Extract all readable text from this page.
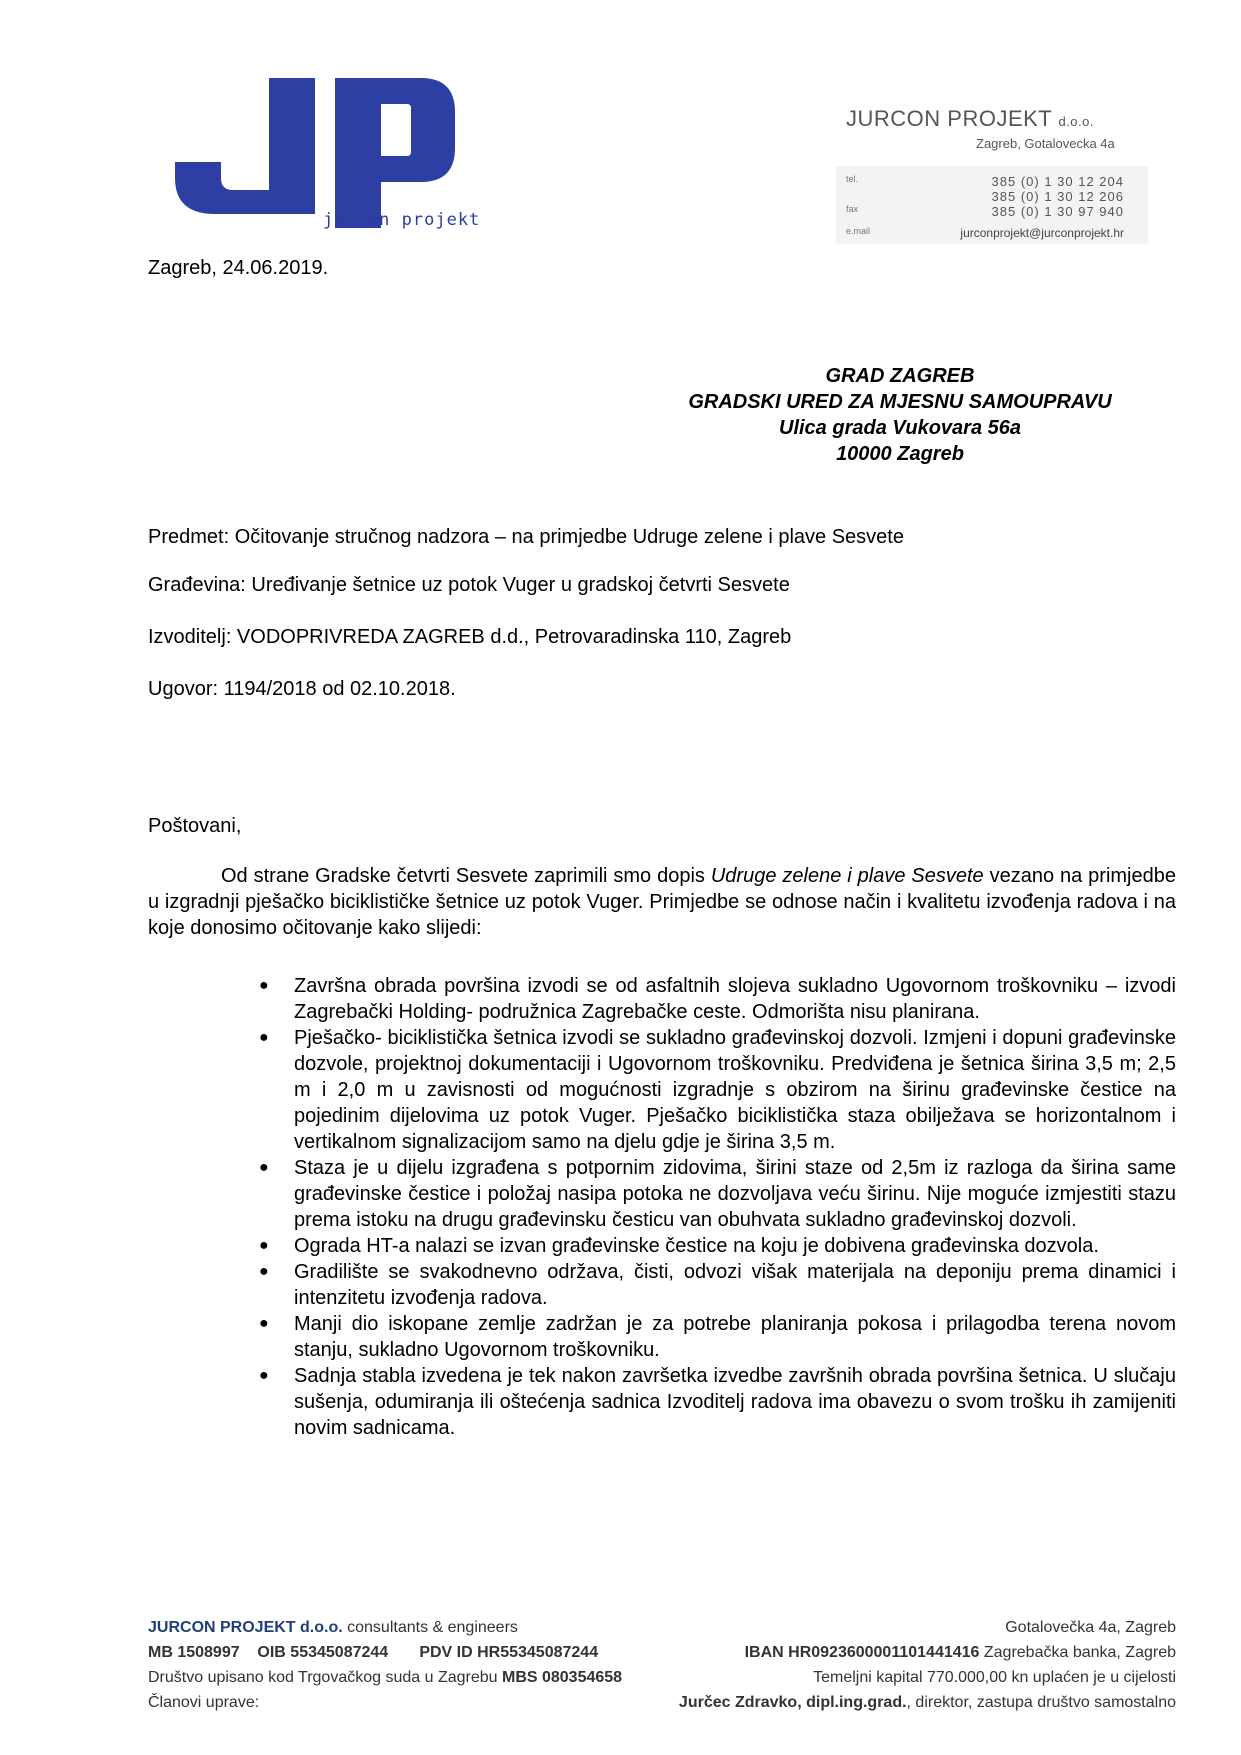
jurcon projekt
JURCON PROJEKT d.o.o.
Zagreb, Gotalovecka 4a
tel.	385 (0) 1 30 12 204
385 (0) 1 30 12 206
fax	385 (0) 1 30 97 940
e.mail	jurconprojekt@jurconprojekt.hr
Zagreb, 24.06.2019.
GRAD ZAGREB
GRADSKI URED ZA MJESNU SAMOUPRAVU
Ulica grada Vukovara 56a
10000 Zagreb
Predmet: Očitovanje stručnog nadzora – na primjedbe Udruge zelene i plave Sesvete
Građevina: Uređivanje šetnice uz potok Vuger u gradskoj četvrti Sesvete
Izvoditelj: VODOPRIVREDA ZAGREB d.d., Petrovaradinska 110, Zagreb
Ugovor: 1194/2018 od 02.10.2018.
Poštovani,
Od strane Gradske četvrti Sesvete zaprimili smo dopis Udruge zelene i plave Sesvete vezano na primjedbe u izgradnji pješačko biciklističke šetnice uz potok Vuger. Primjedbe se odnose način i kvalitetu izvođenja radova i na koje donosimo očitovanje kako slijedi:
● Završna obrada površina izvodi se od asfaltnih slojeva sukladno Ugovornom troškovniku – izvodi Zagrebački Holding- podružnica Zagrebačke ceste. Odmorišta nisu planirana.
● Pješačko- biciklistička šetnica izvodi se sukladno građevinskoj dozvoli. Izmjeni i dopuni građevinske dozvole, projektnoj dokumentaciji i Ugovornom troškovniku. Predviđena je šetnica širina 3,5 m; 2,5 m i 2,0 m u zavisnosti od mogućnosti izgradnje s obzirom na širinu građevinske čestice na pojedinim dijelovima uz potok Vuger. Pješačko biciklistička staza obilježava se horizontalnom i vertikalnom signalizacijom samo na djelu gdje je širina 3,5 m.
● Staza je u dijelu izgrađena s potpornim zidovima, širini staze od 2,5m iz razloga da širina same građevinske čestice i položaj nasipa potoka ne dozvoljava veću širinu. Nije moguće izmjestiti stazu prema istoku na drugu građevinsku česticu van obuhvata sukladno građevinskoj dozvoli.
● Ograda HT-a nalazi se izvan građevinske čestice na koju je dobivena građevinska dozvola.
● Gradilište se svakodnevno održava, čisti, odvozi višak materijala na deponiju prema dinamici i intenzitetu izvođenja radova.
● Manji dio iskopane zemlje zadržan je za potrebe planiranja pokosa i prilagodba terena novom stanju, sukladno Ugovornom troškovniku.
● Sadnja stabla izvedena je tek nakon završetka izvedbe završnih obrada površina šetnica. U slučaju sušenja, odumiranja ili oštećenja sadnica Izvoditelj radova ima obavezu o svom trošku ih zamijeniti novim sadnicama.
JURCON PROJEKT d.o.o. consultants & engineers	Gotalovečka 4a, Zagreb
MB 1508997 OIB 55345087244 PDV ID HR55345087244	IBAN HR0923600001101441416 Zagrebačka banka, Zagreb
Društvo upisano kod Trgovačkog suda u Zagrebu MBS 080354658	Temeljni kapital 770.000,00 kn uplaćen je u cijelosti
Članovi uprave:	Jurčec Zdravko, dipl.ing.grad., direktor, zastupa društvo samostalno
